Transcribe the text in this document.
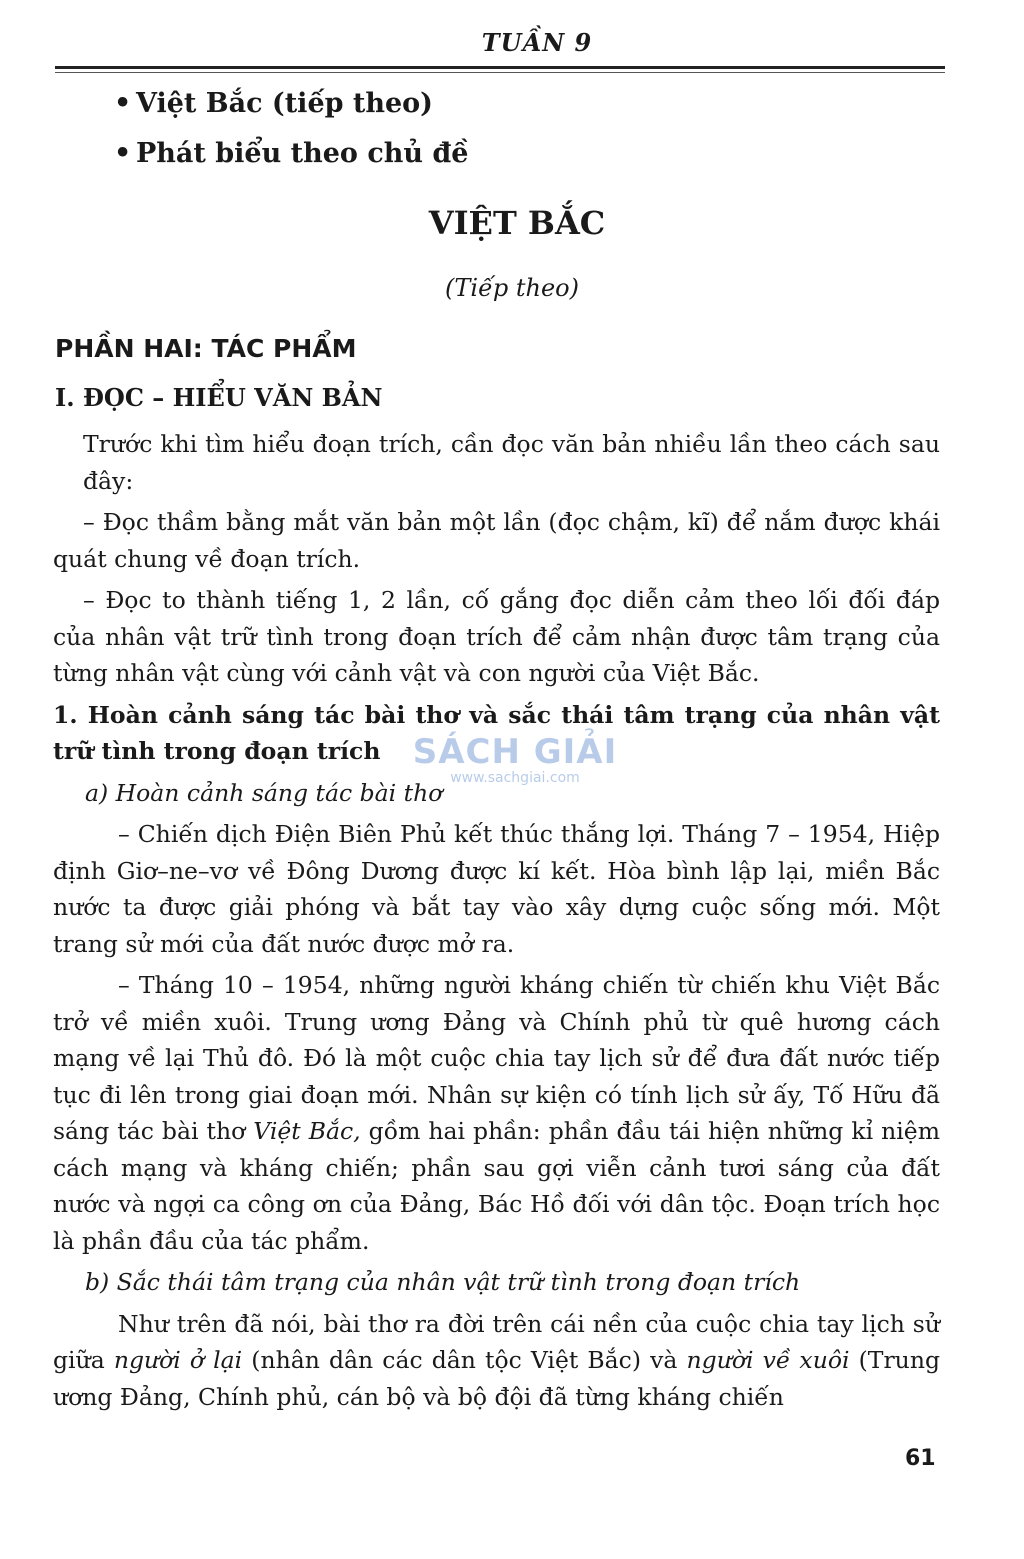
TUẦN 9
• Việt Bắc (tiếp theo)
• Phát biểu theo chủ đề
VIỆT BẮC
(Tiếp theo)
PHẦN HAI: TÁC PHẨM
I. ĐỌC – HIỂU VĂN BẢN

Trước khi tìm hiểu đoạn trích, cần đọc văn bản nhiều lần theo cách sau đây:

– Đọc thầm bằng mắt văn bản một lần (đọc chậm, kĩ) để nắm được khái quát chung về đoạn trích.

– Đọc to thành tiếng 1, 2 lần, cố gắng đọc diễn cảm theo lối đối đáp của nhân vật trữ tình trong đoạn trích để cảm nhận được tâm trạng của từng nhân vật cùng với cảnh vật và con người của Việt Bắc.

1. Hoàn cảnh sáng tác bài thơ và sắc thái tâm trạng của nhân vật trữ tình trong đoạn trích

a) Hoàn cảnh sáng tác bài thơ

– Chiến dịch Điện Biên Phủ kết thúc thắng lợi. Tháng 7 – 1954, Hiệp định Giơ–ne–vơ về Đông Dương được kí kết. Hòa bình lập lại, miền Bắc nước ta được giải phóng và bắt tay vào xây dựng cuộc sống mới. Một trang sử mới của đất nước được mở ra.

– Tháng 10 – 1954, những người kháng chiến từ chiến khu Việt Bắc trở về miền xuôi. Trung ương Đảng và Chính phủ từ quê hương cách mạng về lại Thủ đô. Đó là một cuộc chia tay lịch sử để đưa đất nước tiếp tục đi lên trong giai đoạn mới. Nhân sự kiện có tính lịch sử ấy, Tố Hữu đã sáng tác bài thơ Việt Bắc, gồm hai phần: phần đầu tái hiện những kỉ niệm cách mạng và kháng chiến; phần sau gợi viễn cảnh tươi sáng của đất nước và ngợi ca công ơn của Đảng, Bác Hồ đối với dân tộc. Đoạn trích học là phần đầu của tác phẩm.

b) Sắc thái tâm trạng của nhân vật trữ tình trong đoạn trích

Như trên đã nói, bài thơ ra đời trên cái nền của cuộc chia tay lịch sử giữa người ở lại (nhân dân các dân tộc Việt Bắc) và người về xuôi (Trung ương Đảng, Chính phủ, cán bộ và bộ đội đã từng kháng chiến

SÁCH GIẢI
www.sachgiai.com
61
